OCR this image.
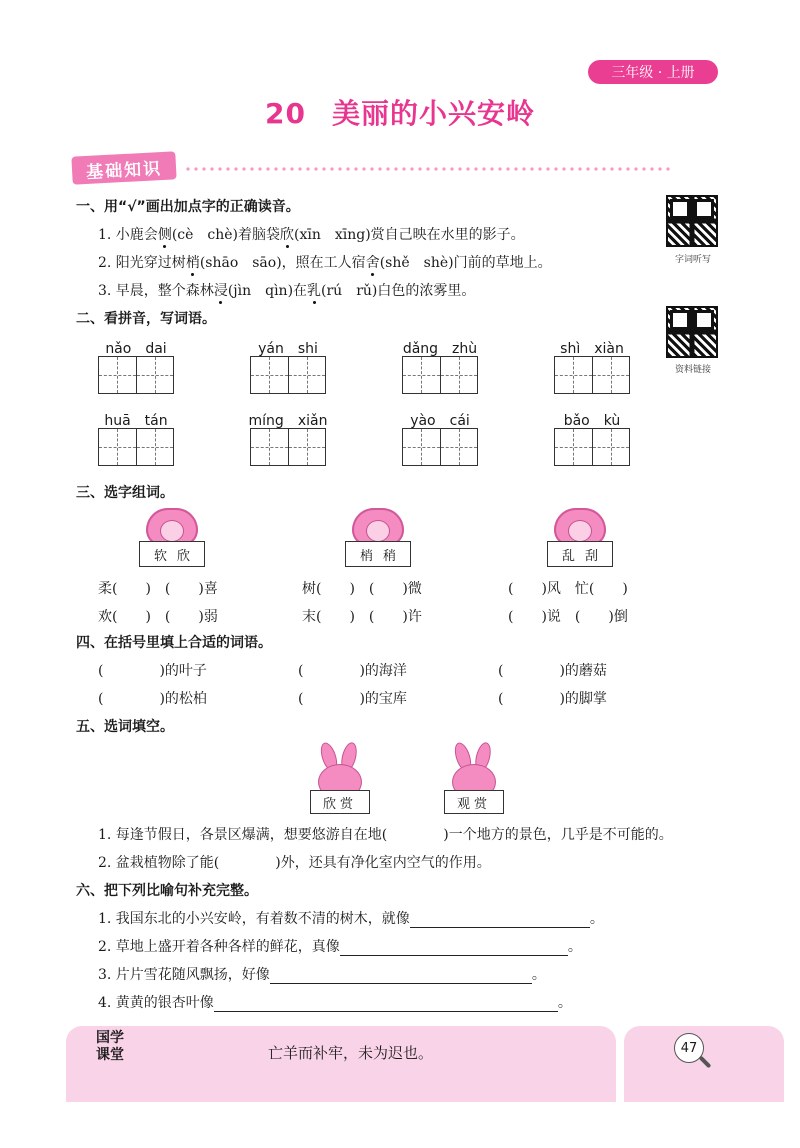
三年级 · 上册
20 美丽的小兴安岭
基础知识
字词听写
资料链接
一、用“√”画出加点字的正确读音。
1. 小鹿会侧(cè　chè)着脑袋欣(xīn　xīng)赏自己映在水里的影子。
2. 阳光穿过树梢(shāo　sāo)，照在工人宿舍(shě　shè)门前的草地上。
3. 早晨，整个森林浸(jìn　qìn)在乳(rú　rǔ)白色的浓雾里。
二、看拼音，写词语。
nǎo　dai	yán　shi	dǎng　zhù	shì　xiàn
huā　tán	míng　xiǎn	yào　cái	bǎo　kù
三、选字组词。
软欣	梢稍	乱刮
柔(　　)　(　　)喜	树(　　)　(　　)微	(　　)风　忙(　　)
欢(　　)　(　　)弱	末(　　)　(　　)许	(　　)说　(　　)倒
四、在括号里填上合适的词语。
(　　　　)的叶子	(　　　　)的海洋	(　　　　)的蘑菇
(　　　　)的松柏	(　　　　)的宝库	(　　　　)的脚掌
五、选词填空。
欣赏	观赏
1. 每逢节假日，各景区爆满，想要悠游自在地(　　　　)一个地方的景色，几乎是不可能的。
2. 盆栽植物除了能(　　　　)外，还具有净化室内空气的作用。
六、把下列比喻句补充完整。
1. 我国东北的小兴安岭，有着数不清的树木，就像	。
2. 草地上盛开着各种各样的鲜花，真像	。
3. 片片雪花随风飘扬，好像	。
4. 黄黄的银杏叶像	。
国学课堂	亡羊而补牢，未为迟也。	47
